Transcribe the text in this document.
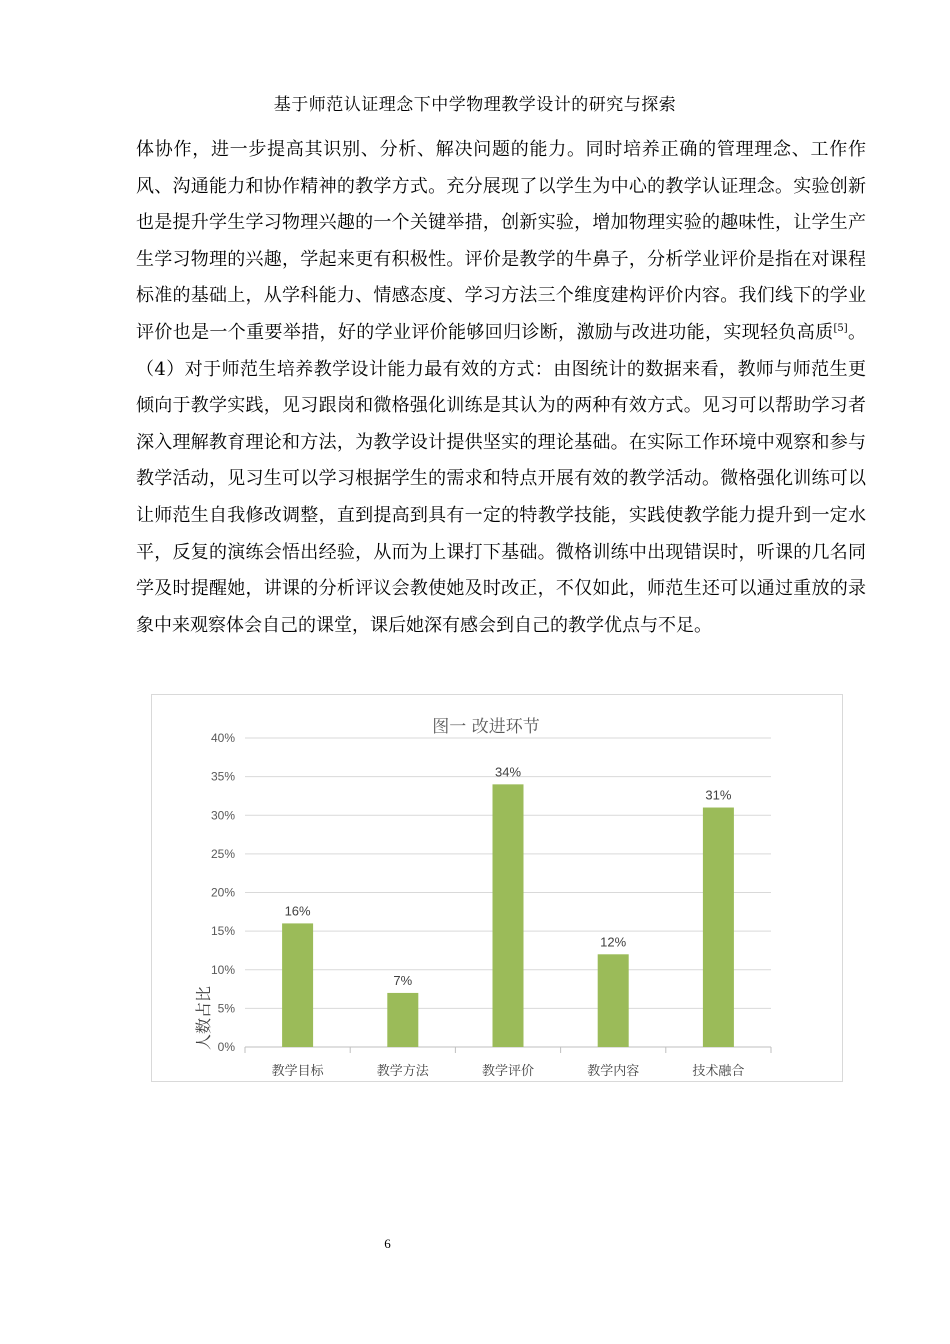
基于师范认证理念下中学物理教学设计的研究与探索

体协作，进一步提高其识别、分析、解决问题的能力。同时培养正确的管理理念、工作作风、沟通能力和协作精神的教学方式。充分展现了以学生为中心的教学认证理念。实验创新也是提升学生学习物理兴趣的一个关键举措，创新实验，增加物理实验的趣味性，让学生产生学习物理的兴趣，学起来更有积极性。评价是教学的牛鼻子，分析学业评价是指在对课程标准的基础上，从学科能力、情感态度、学习方法三个维度建构评价内容。我们线下的学业评价也是一个重要举措，好的学业评价能够回归诊断，激励与改进功能，实现轻负高质[5]。（4）对于师范生培养教学设计能力最有效的方式：由图统计的数据来看，教师与师范生更倾向于教学实践，见习跟岗和微格强化训练是其认为的两种有效方式。见习可以帮助学习者深入理解教育理论和方法，为教学设计提供坚实的理论基础。在实际工作环境中观察和参与教学活动，见习生可以学习根据学生的需求和特点开展有效的教学活动。微格强化训练可以让师范生自我修改调整，直到提高到具有一定的特教学技能，实践使教学能力提升到一定水平，反复的演练会悟出经验，从而为上课打下基础。微格训练中出现错误时，听课的几名同学及时提醒她，讲课的分析评议会教使她及时改正，不仅如此，师范生还可以通过重放的录象中来观察体会自己的课堂，课后她深有感会到自己的教学优点与不足。

图一 改进环节
0%
5%
10%
15%
20%
25%
30%
35%
40%
16%
7%
34%
12%
31%
教学目标	教学方法	教学评价	教学内容	技术融合
人数占比
6
